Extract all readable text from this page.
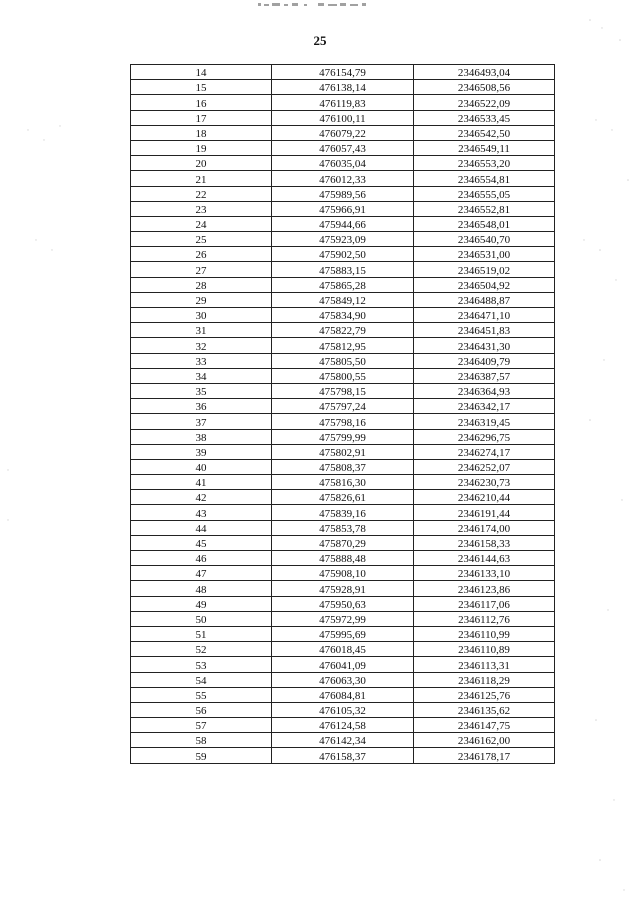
25
14	476154,79	2346493,04
15	476138,14	2346508,56
16	476119,83	2346522,09
17	476100,11	2346533,45
18	476079,22	2346542,50
19	476057,43	2346549,11
20	476035,04	2346553,20
21	476012,33	2346554,81
22	475989,56	2346555,05
23	475966,91	2346552,81
24	475944,66	2346548,01
25	475923,09	2346540,70
26	475902,50	2346531,00
27	475883,15	2346519,02
28	475865,28	2346504,92
29	475849,12	2346488,87
30	475834,90	2346471,10
31	475822,79	2346451,83
32	475812,95	2346431,30
33	475805,50	2346409,79
34	475800,55	2346387,57
35	475798,15	2346364,93
36	475797,24	2346342,17
37	475798,16	2346319,45
38	475799,99	2346296,75
39	475802,91	2346274,17
40	475808,37	2346252,07
41	475816,30	2346230,73
42	475826,61	2346210,44
43	475839,16	2346191,44
44	475853,78	2346174,00
45	475870,29	2346158,33
46	475888,48	2346144,63
47	475908,10	2346133,10
48	475928,91	2346123,86
49	475950,63	2346117,06
50	475972,99	2346112,76
51	475995,69	2346110,99
52	476018,45	2346110,89
53	476041,09	2346113,31
54	476063,30	2346118,29
55	476084,81	2346125,76
56	476105,32	2346135,62
57	476124,58	2346147,75
58	476142,34	2346162,00
59	476158,37	2346178,17
